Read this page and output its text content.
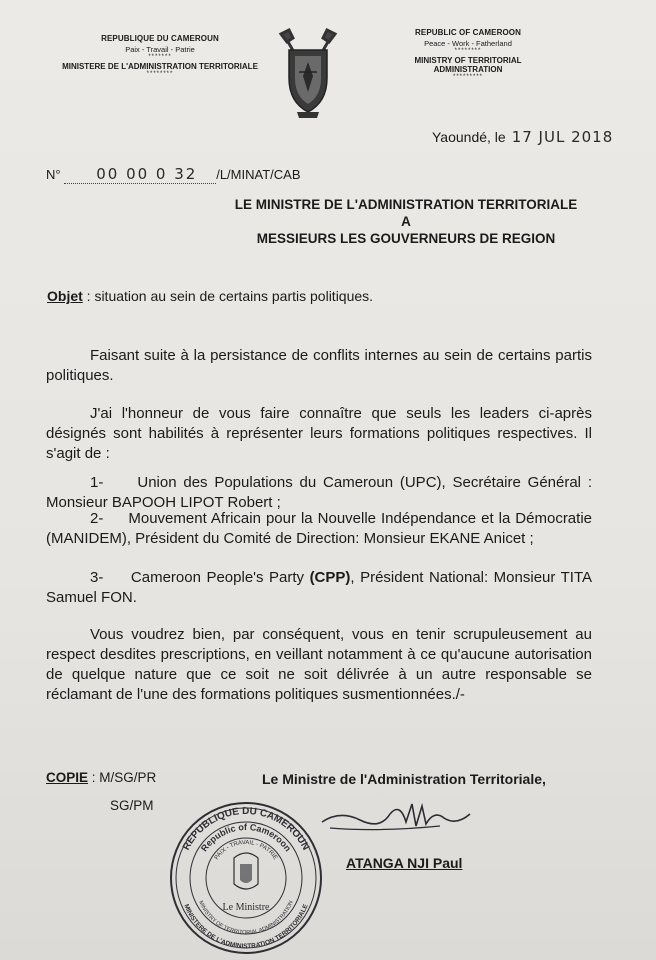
REPUBLIQUE DU CAMEROUN
Paix - Travail - Patrie
*******
MINISTERE DE L'ADMINISTRATION TERRITORIALE
********
REPUBLIC OF CAMEROON
Peace - Work - Fatherland
********
MINISTRY OF TERRITORIAL ADMINISTRATION
*********
Yaoundé, le 17 JUL 2018
N° 00 00 0 32 /L/MINAT/CAB
LE MINISTRE DE L'ADMINISTRATION TERRITORIALE
A
MESSIEURS LES GOUVERNEURS DE REGION
Objet : situation au sein de certains partis politiques.
Faisant suite à la persistance de conflits internes au sein de certains partis politiques.
J'ai l'honneur de vous faire connaître que seuls les leaders ci-après désignés sont habilités à représenter leurs formations politiques respectives. Il s'agit de :
1- Union des Populations du Cameroun (UPC), Secrétaire Général : Monsieur BAPOOH LIPOT Robert ;
2- Mouvement Africain pour la Nouvelle Indépendance et la Démocratie (MANIDEM), Président du Comité de Direction: Monsieur EKANE Anicet ;
3- Cameroon People's Party (CPP), Président National: Monsieur TITA Samuel FON.
Vous voudrez bien, par conséquent, vous en tenir scrupuleusement au respect desdites prescriptions, en veillant notamment à ce qu'aucune autorisation de quelque nature que ce soit ne soit délivrée à un autre responsable se réclamant de l'une des formations politiques susmentionnées./-
COPIE : M/SG/PR
SG/PM
Le Ministre de l'Administration Territoriale,
ATANGA NJI Paul
REPUBLIQUE DU CAMEROUN
MINISTERE DE L'ADMINISTRATION TERRITORIALE
Republic of Cameroon
MINISTRY OF TERRITORIAL ADMINISTRATION
PAIX - TRAVAIL - PATRIE
Le Ministre
